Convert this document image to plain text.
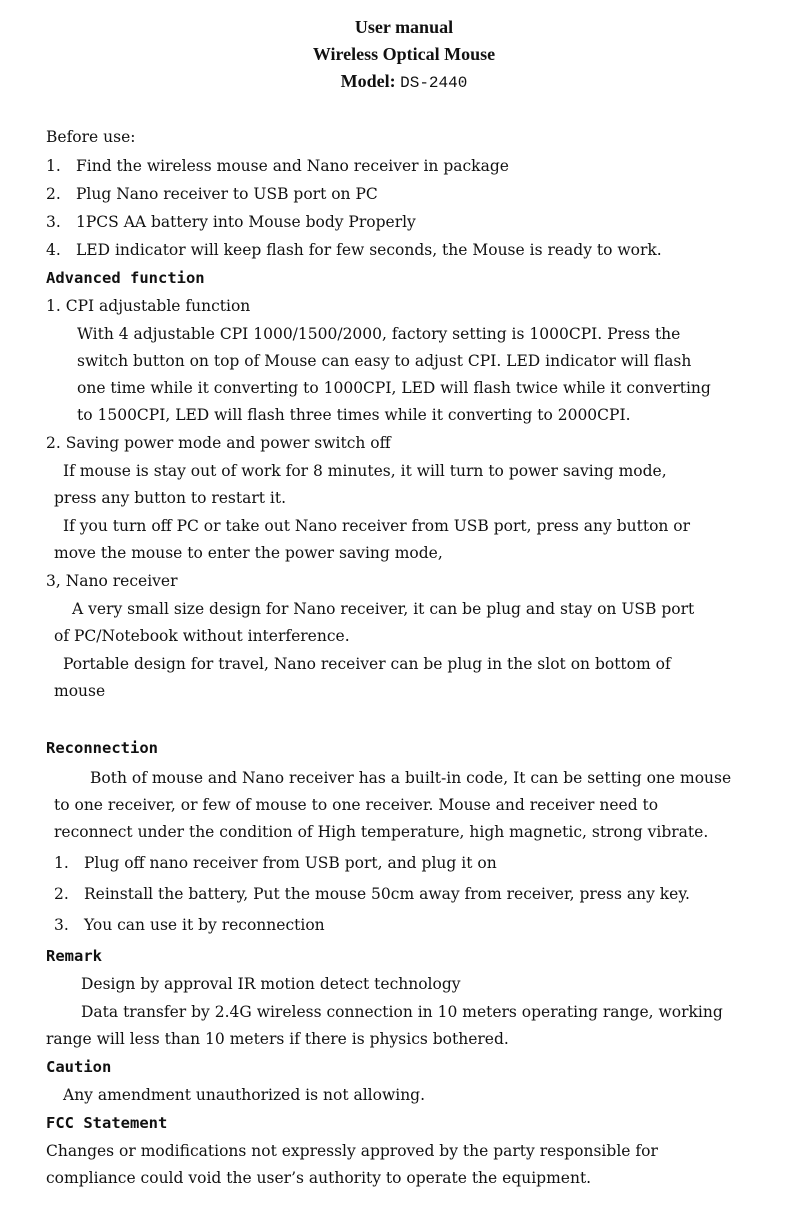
User manual
Wireless Optical Mouse
Model: DS-2440
Before use:
1. Find the wireless mouse and Nano receiver in package
2. Plug Nano receiver to USB port on PC
3. 1PCS AA battery into Mouse body Properly
4. LED indicator will keep flash for few seconds, the Mouse is ready to work.
Advanced function
1. CPI adjustable function
With 4 adjustable CPI 1000/1500/2000, factory setting is 1000CPI. Press the
switch button on top of Mouse can easy to adjust CPI. LED indicator will flash
one time while it converting to 1000CPI, LED will flash twice while it converting
to 1500CPI, LED will flash three times while it converting to 2000CPI.
2. Saving power mode and power switch off
If mouse is stay out of work for 8 minutes, it will turn to power saving mode,
press any button to restart it.
If you turn off PC or take out Nano receiver from USB port, press any button or
move the mouse to enter the power saving mode,
3, Nano receiver
A very small size design for Nano receiver, it can be plug and stay on USB port
of PC/Notebook without interference.
Portable design for travel, Nano receiver can be plug in the slot on bottom of
mouse
Reconnection
Both of mouse and Nano receiver has a built-in code, It can be setting one mouse
to one receiver, or few of mouse to one receiver. Mouse and receiver need to
reconnect under the condition of High temperature, high magnetic, strong vibrate.
1. Plug off nano receiver from USB port, and plug it on
2. Reinstall the battery, Put the mouse 50cm away from receiver, press any key.
3. You can use it by reconnection
Remark
Design by approval IR motion detect technology
Data transfer by 2.4G wireless connection in 10 meters operating range, working
range will less than 10 meters if there is physics bothered.
Caution
Any amendment unauthorized is not allowing.
FCC Statement
Changes or modifications not expressly approved by the party responsible for
compliance could void the user’s authority to operate the equipment.
